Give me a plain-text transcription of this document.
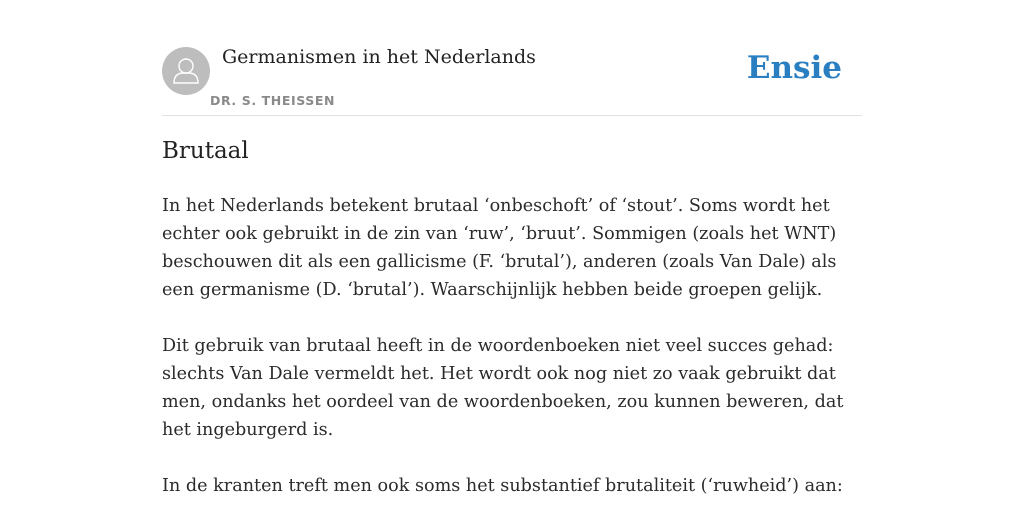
Germanismen in het Nederlands
DR. S. THEISSEN
Ensie
Brutaal

In het Nederlands betekent brutaal ‘onbeschoft’ of ‘stout’. Soms wordt het echter ook gebruikt in de zin van ‘ruw’, ‘bruut’. Sommigen (zoals het WNT) beschouwen dit als een gallicisme (F. ‘brutal’), anderen (zoals Van Dale) als een germanisme (D. ‘brutal’). Waarschijnlijk hebben beide groepen gelijk.

Dit gebruik van brutaal heeft in de woordenboeken niet veel succes gehad: slechts Van Dale vermeldt het. Het wordt ook nog niet zo vaak gebruikt dat men, ondanks het oordeel van de woordenboeken, zou kunnen beweren, dat het ingeburgerd is.

In de kranten treft men ook soms het substantief brutaliteit (‘ruwheid’) aan:
